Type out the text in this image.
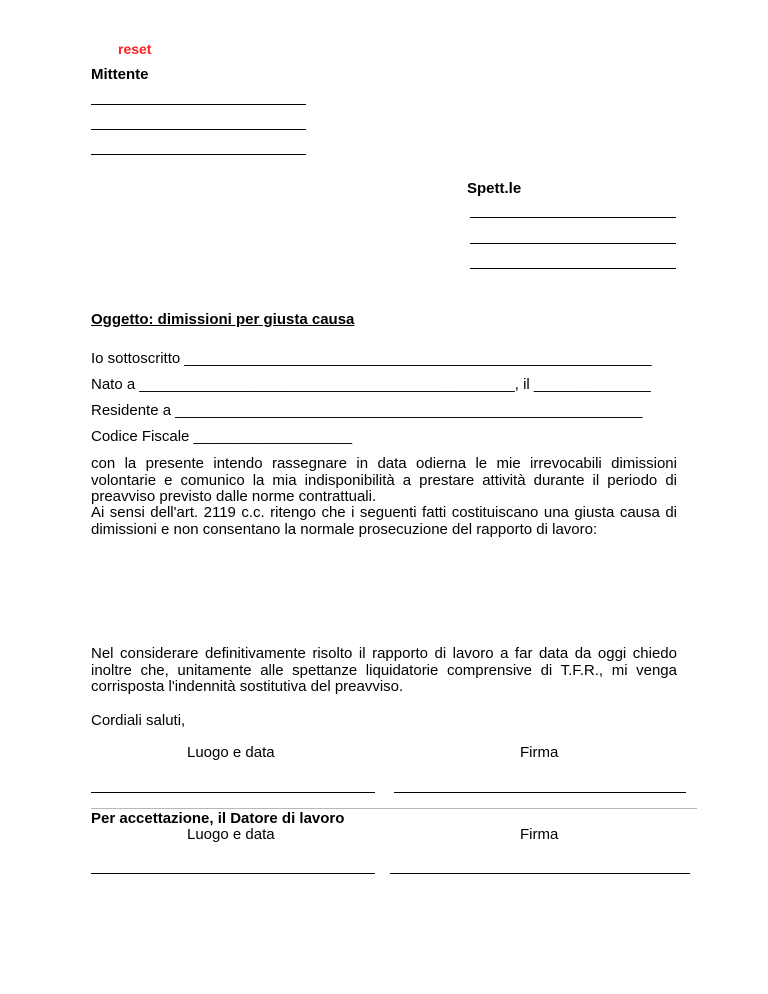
reset
Mittente
Spett.le
Oggetto: dimissioni per giusta causa
Io sottoscritto ________________________________________________________
Nato a _____________________________________________, il ______________
Residente a ________________________________________________________
Codice Fiscale ___________________
con la presente intendo rassegnare in data odierna le mie irrevocabili dimissioni volontarie e comunico la mia indisponibilità a prestare attività durante il periodo di preavviso previsto dalle norme contrattuali.
Ai sensi dell'art. 2119 c.c. ritengo che i seguenti fatti costituiscano una giusta causa di dimissioni e non consentano la normale prosecuzione del rapporto di lavoro:
Nel considerare definitivamente risolto il rapporto di lavoro a far data da oggi chiedo inoltre che, unitamente alle spettanze liquidatorie comprensive di T.F.R., mi venga corrisposta l'indennità sostitutiva del preavviso.
Cordiali saluti,
Luogo e data	Firma
Per accettazione, il Datore di lavoro
Luogo e data	Firma
